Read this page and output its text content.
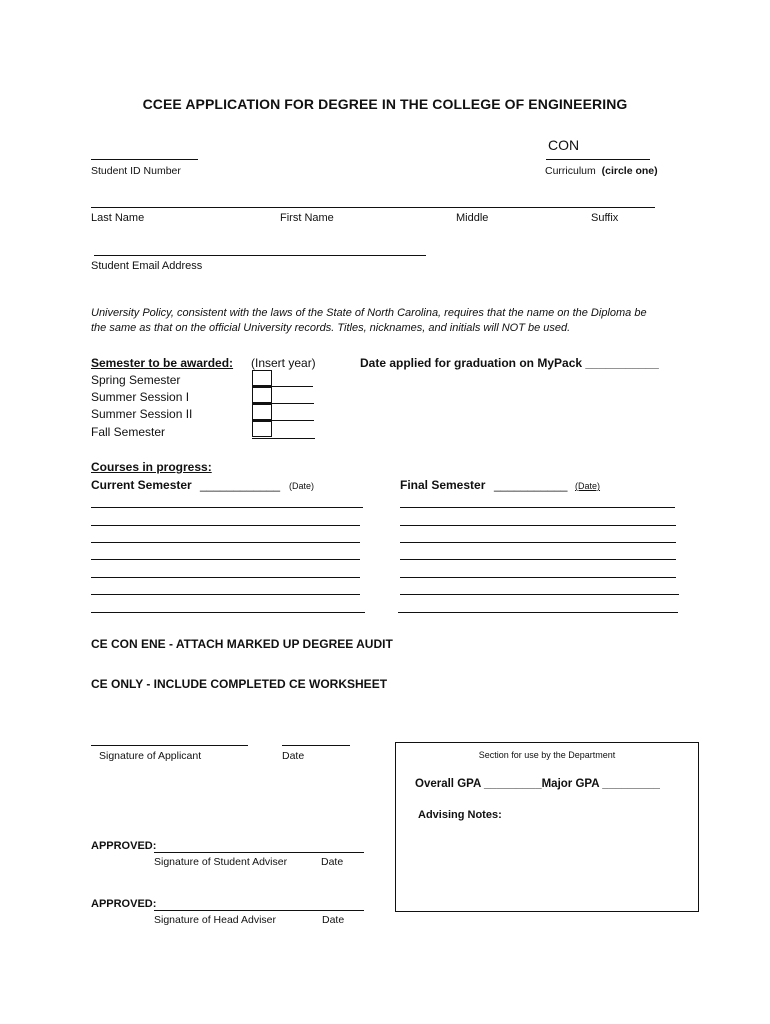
CCEE APPLICATION FOR DEGREE IN THE COLLEGE OF ENGINEERING
Student ID Number
CON
Curriculum (circle one)
Last Name	First Name	Middle	Suffix
Student Email Address
University Policy, consistent with the laws of the State of North Carolina, requires that the name on the Diploma be
the same as that on the official University records. Titles, nicknames, and initials will NOT be used.
Semester to be awarded: (Insert year)	Date applied for graduation on MyPack ___________
Spring Semester
Summer Session I
Summer Session II
Fall Semester
Courses in progress:
Current Semester ____________ (Date)	Final Semester ___________ (Date)
CE CON ENE - ATTACH MARKED UP DEGREE AUDIT
CE ONLY - INCLUDE COMPLETED CE WORKSHEET
Signature of Applicant	Date	Section for use by the Department
Overall GPA _________Major GPA _________
Advising Notes:
APPROVED:
Signature of Student Adviser	Date
APPROVED:
Signature of Head Adviser	Date
